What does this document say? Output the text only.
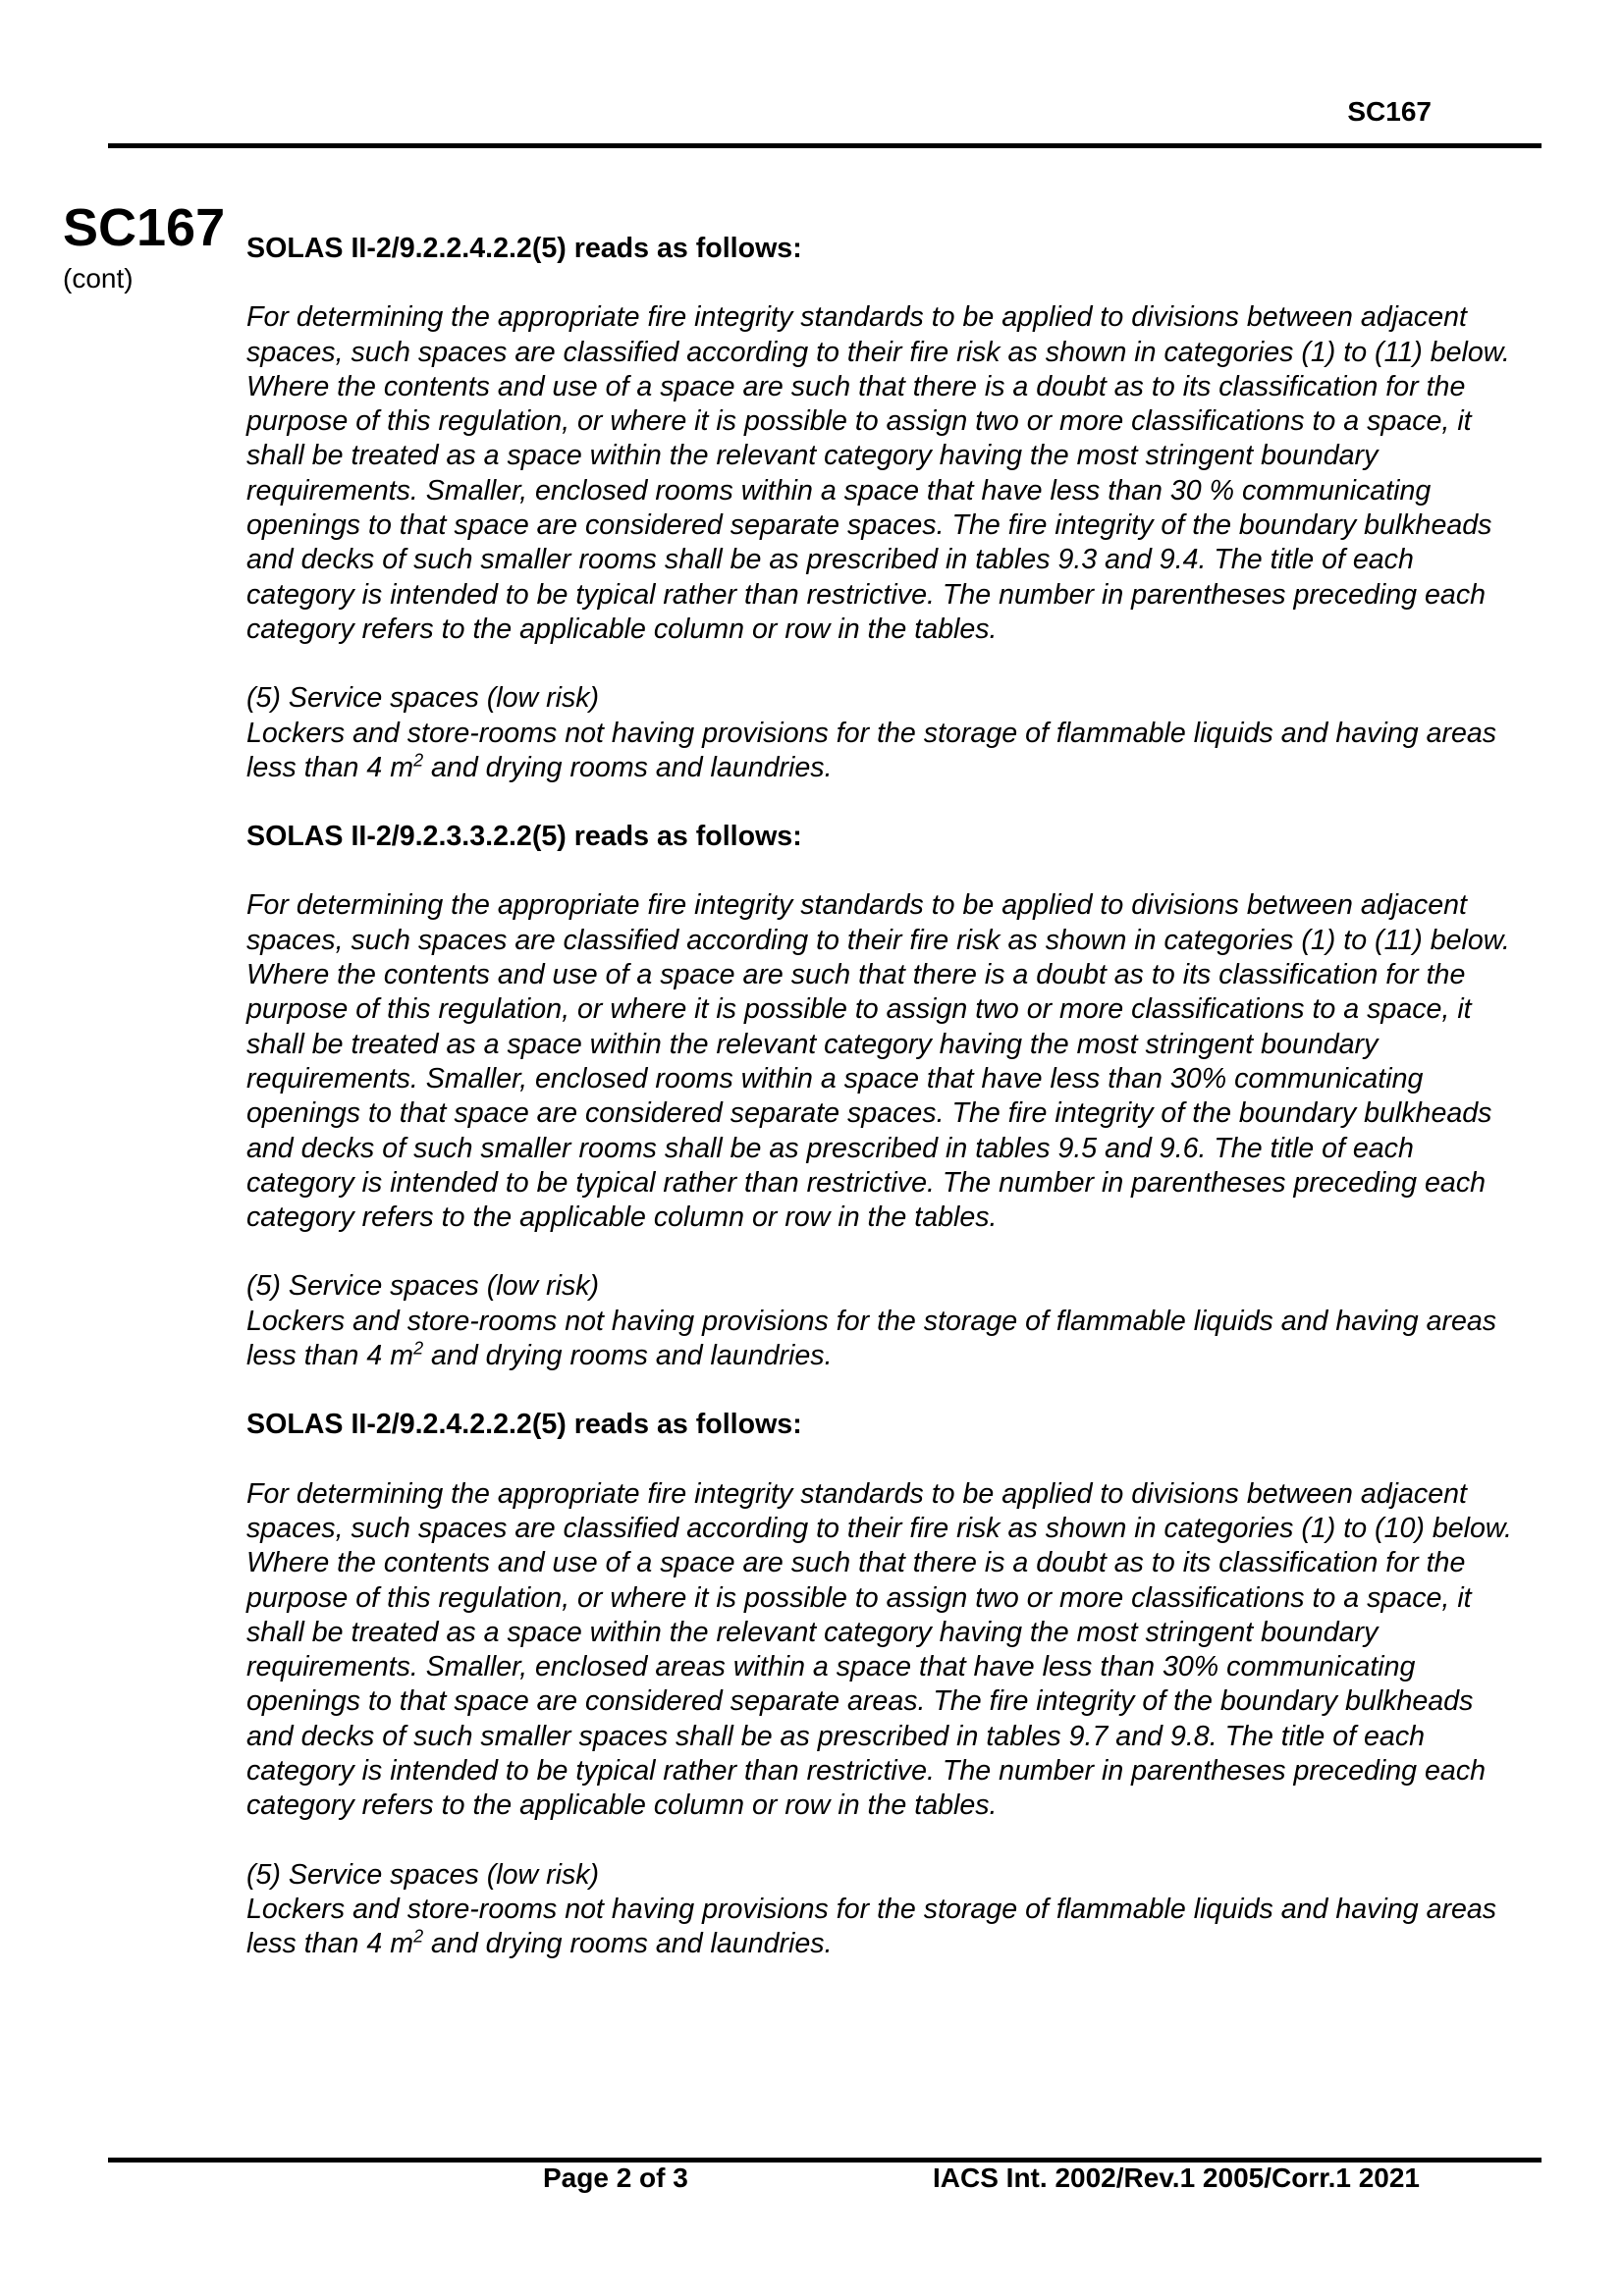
SC167
SC167
(cont)

SOLAS II-2/9.2.2.4.2.2(5) reads as follows:

For determining the appropriate fire integrity standards to be applied to divisions between adjacent spaces, such spaces are classified according to their fire risk as shown in categories (1) to (11) below. Where the contents and use of a space are such that there is a doubt as to its classification for the purpose of this regulation, or where it is possible to assign two or more classifications to a space, it shall be treated as a space within the relevant category having the most stringent boundary requirements. Smaller, enclosed rooms within a space that have less than 30 % communicating openings to that space are considered separate spaces. The fire integrity of the boundary bulkheads and decks of such smaller rooms shall be as prescribed in tables 9.3 and 9.4. The title of each category is intended to be typical rather than restrictive. The number in parentheses preceding each category refers to the applicable column or row in the tables.

(5) Service spaces (low risk)

Lockers and store-rooms not having provisions for the storage of flammable liquids and having areas less than 4 $m^2$ and drying rooms and laundries.

SOLAS II-2/9.2.3.3.2.2(5) reads as follows:

For determining the appropriate fire integrity standards to be applied to divisions between adjacent spaces, such spaces are classified according to their fire risk as shown in categories (1) to (11) below. Where the contents and use of a space are such that there is a doubt as to its classification for the purpose of this regulation, or where it is possible to assign two or more classifications to a space, it shall be treated as a space within the relevant category having the most stringent boundary requirements. Smaller, enclosed rooms within a space that have less than 30% communicating openings to that space are considered separate spaces. The fire integrity of the boundary bulkheads and decks of such smaller rooms shall be as prescribed in tables 9.5 and 9.6. The title of each category is intended to be typical rather than restrictive. The number in parentheses preceding each category refers to the applicable column or row in the tables.

(5) Service spaces (low risk)

Lockers and store-rooms not having provisions for the storage of flammable liquids and having areas less than 4 $m^2$ and drying rooms and laundries.

SOLAS II-2/9.2.4.2.2.2(5) reads as follows:

For determining the appropriate fire integrity standards to be applied to divisions between adjacent spaces, such spaces are classified according to their fire risk as shown in categories (1) to (10) below. Where the contents and use of a space are such that there is a doubt as to its classification for the purpose of this regulation, or where it is possible to assign two or more classifications to a space, it shall be treated as a space within the relevant category having the most stringent boundary requirements. Smaller, enclosed areas within a space that have less than 30% communicating openings to that space are considered separate areas. The fire integrity of the boundary bulkheads and decks of such smaller spaces shall be as prescribed in tables 9.7 and 9.8. The title of each category is intended to be typical rather than restrictive. The number in parentheses preceding each category refers to the applicable column or row in the tables.

(5) Service spaces (low risk)

Lockers and store-rooms not having provisions for the storage of flammable liquids and having areas less than 4 $m^2$ and drying rooms and laundries.

Page 2 of 3	IACS Int. 2002/Rev.1 2005/Corr.1 2021
